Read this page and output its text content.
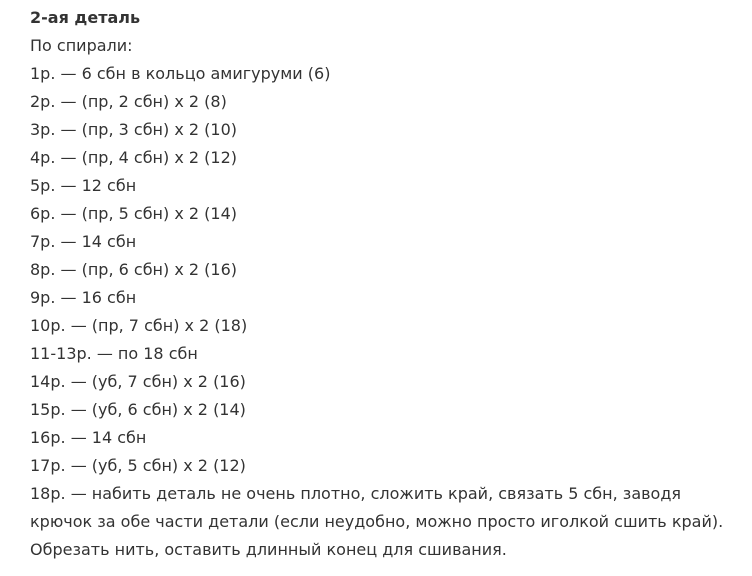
2-ая деталь

По спирали:

1р. — 6 сбн в кольцо амигуруми (6)

2р. — (пр, 2 сбн) х 2 (8)

3р. — (пр, 3 сбн) х 2 (10)

4р. — (пр, 4 сбн) х 2 (12)

5р. — 12 сбн

6р. — (пр, 5 сбн) х 2 (14)

7р. — 14 сбн

8р. — (пр, 6 сбн) х 2 (16)

9р. — 16 сбн

10р. — (пр, 7 сбн) х 2 (18)

11-13р. — по 18 сбн

14р. — (уб, 7 сбн) х 2 (16)

15р. — (уб, 6 сбн) х 2 (14)

16р. — 14 сбн

17р. — (уб, 5 сбн) х 2 (12)

18р. — набить деталь не очень плотно, сложить край, связать 5 сбн, заводя крючок за обе части детали (если неудобно, можно просто иголкой сшить край).

Обрезать нить, оставить длинный конец для сшивания.
